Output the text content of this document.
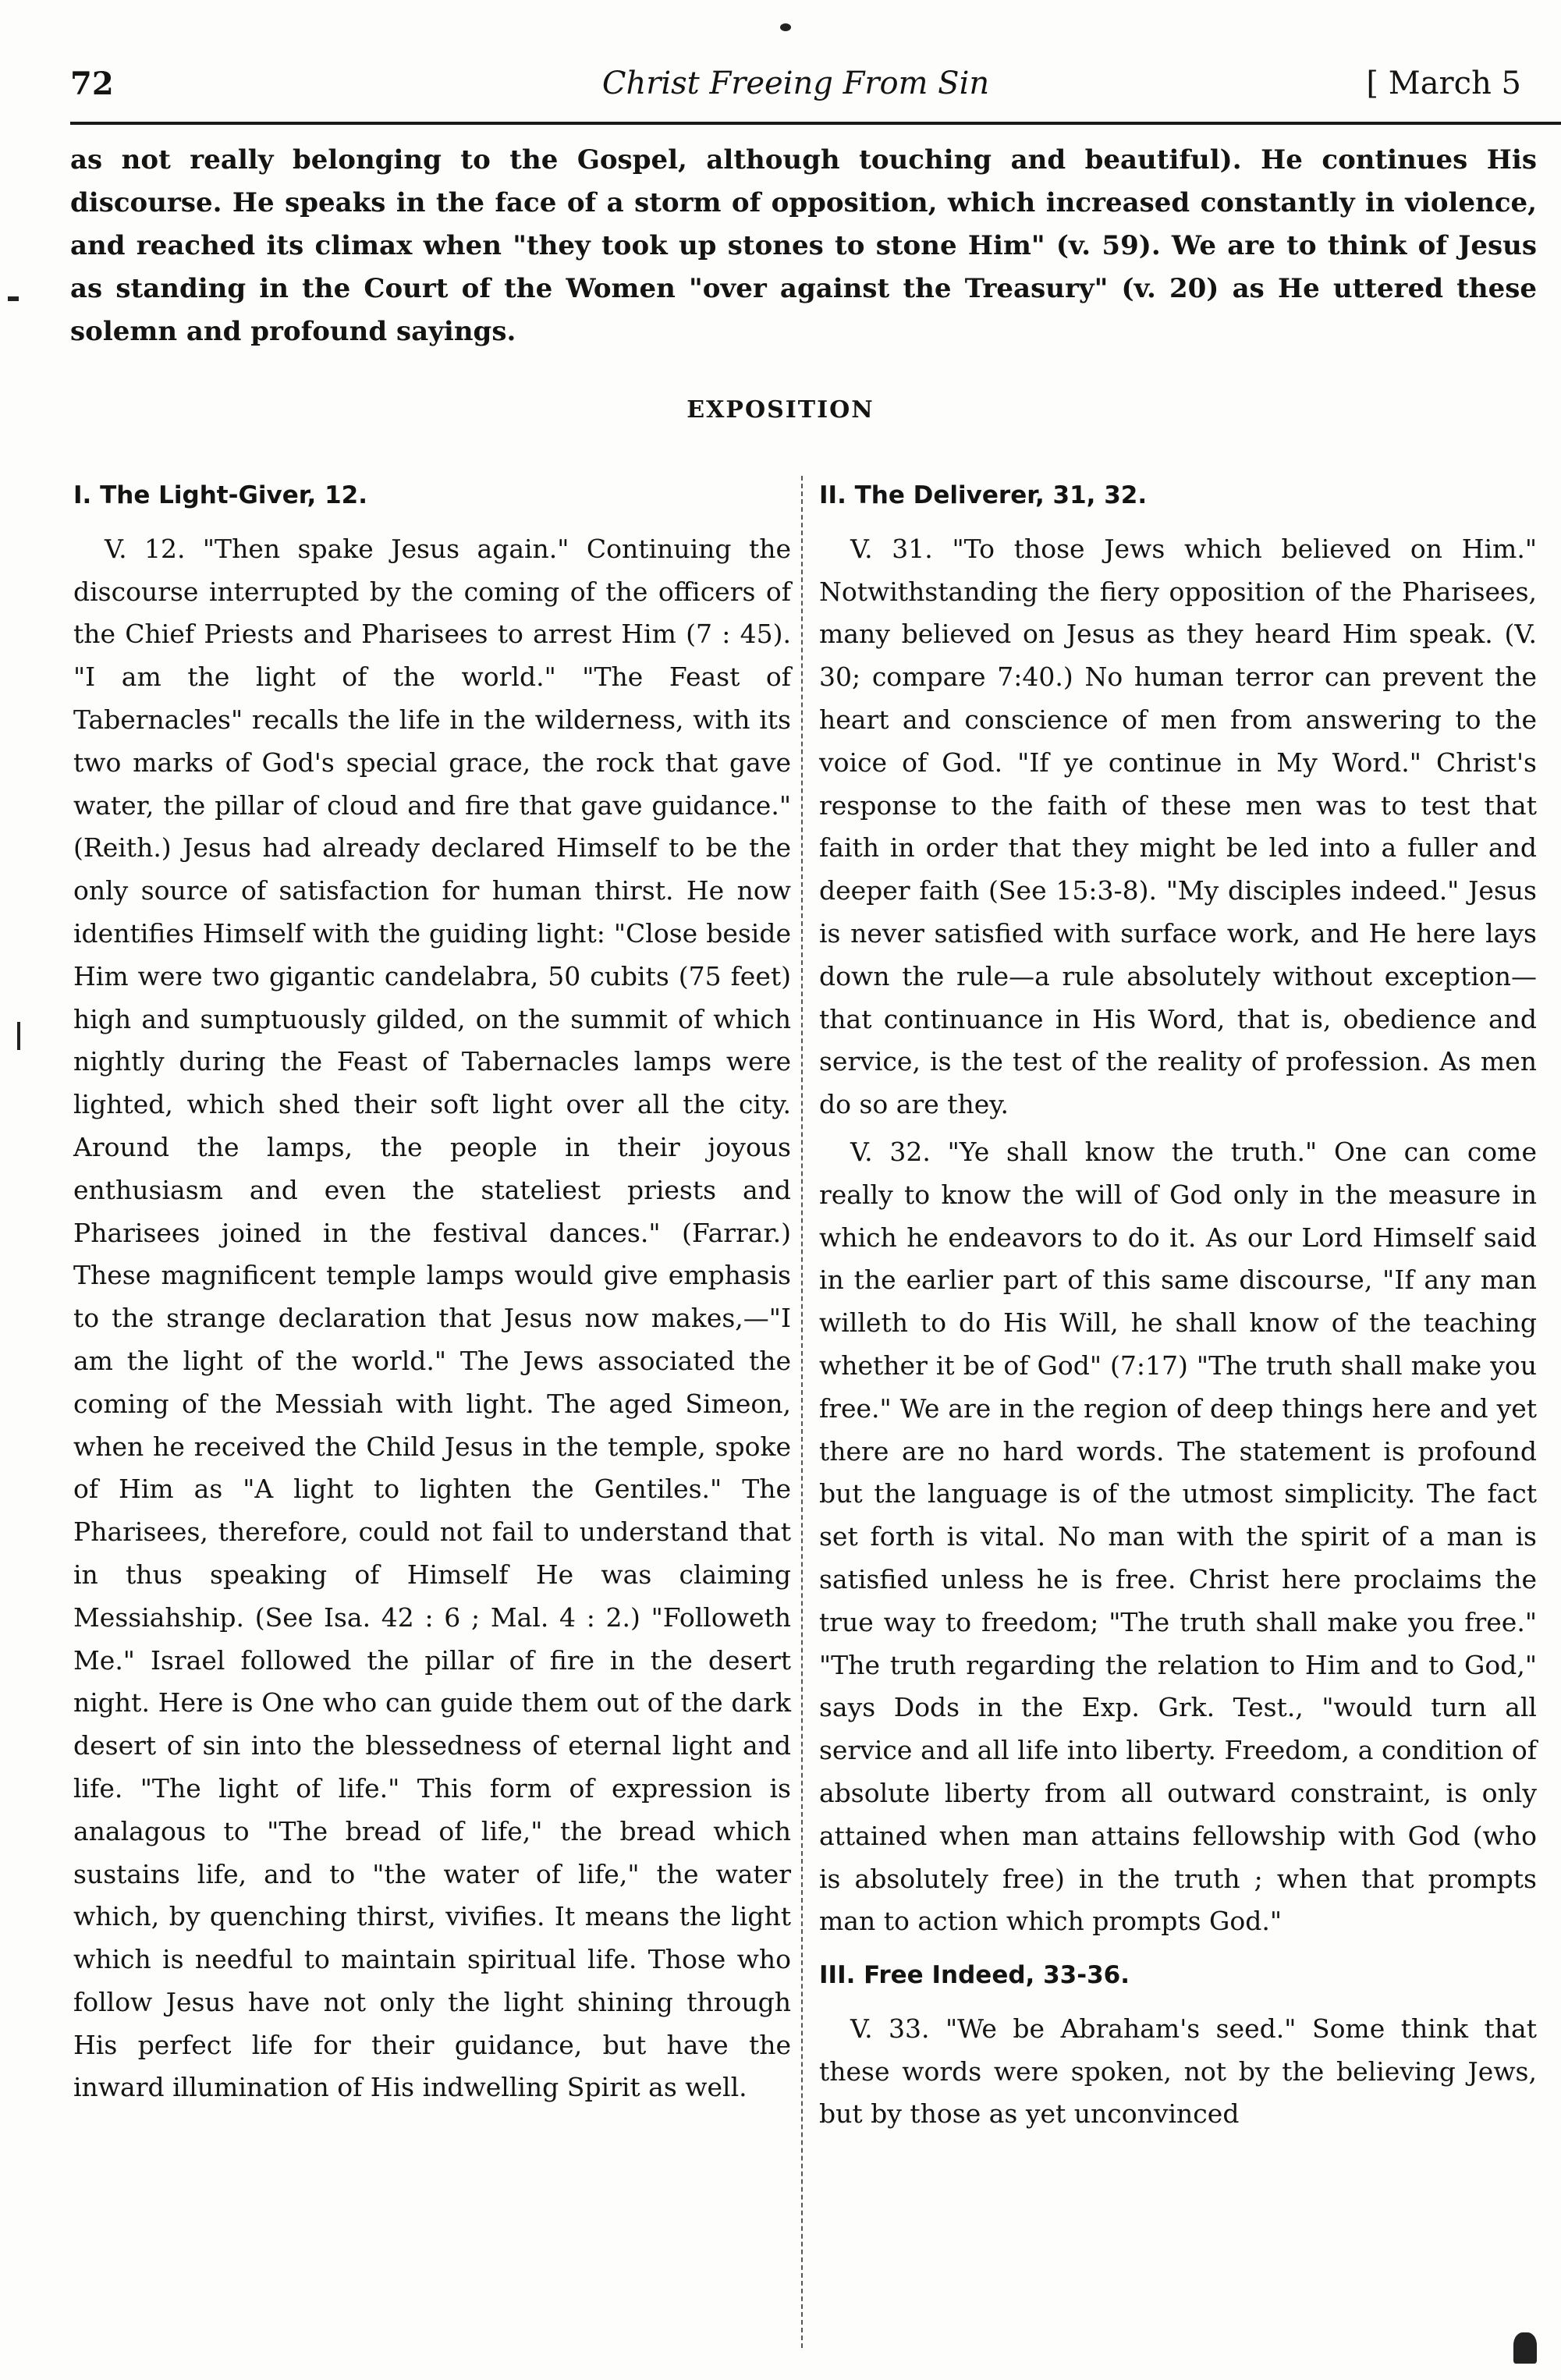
72	Christ Freeing From Sin	[ March 5
as not really belonging to the Gospel, although touching and beautiful). He continues His discourse. He speaks in the face of a storm of opposition, which increased constantly in violence, and reached its climax when "they took up stones to stone Him" (v. 59). We are to think of Jesus as standing in the Court of the Women "over against the Treasury" (v. 20) as He uttered these solemn and profound sayings.
EXPOSITION
I. The Light-Giver, 12.

V. 12. "Then spake Jesus again." Continuing the discourse interrupted by the coming of the officers of the Chief Priests and Pharisees to arrest Him (7 : 45). "I am the light of the world." "The Feast of Tabernacles" recalls the life in the wilderness, with its two marks of God's special grace, the rock that gave water, the pillar of cloud and fire that gave guidance." (Reith.) Jesus had already declared Himself to be the only source of satisfaction for human thirst. He now identifies Himself with the guiding light: "Close beside Him were two gigantic candelabra, 50 cubits (75 feet) high and sumptuously gilded, on the summit of which nightly during the Feast of Tabernacles lamps were lighted, which shed their soft light over all the city. Around the lamps, the people in their joyous enthusiasm and even the stateliest priests and Pharisees joined in the festival dances." (Farrar.) These magnificent temple lamps would give emphasis to the strange declaration that Jesus now makes,—"I am the light of the world." The Jews associated the coming of the Messiah with light. The aged Simeon, when he received the Child Jesus in the temple, spoke of Him as "A light to lighten the Gentiles." The Pharisees, therefore, could not fail to understand that in thus speaking of Himself He was claiming Messiahship. (See Isa. 42 : 6 ; Mal. 4 : 2.) "Followeth Me." Israel followed the pillar of fire in the desert night. Here is One who can guide them out of the dark desert of sin into the blessedness of eternal light and life. "The light of life." This form of expression is analagous to "The bread of life," the bread which sustains life, and to "the water of life," the water which, by quenching thirst, vivifies. It means the light which is needful to maintain spiritual life. Those who follow Jesus have not only the light shining through His perfect life for their guidance, but have the inward illumination of His indwelling Spirit as well.

II. The Deliverer, 31, 32.

V. 31. "To those Jews which believed on Him." Notwithstanding the fiery opposition of the Pharisees, many believed on Jesus as they heard Him speak. (V. 30; compare 7:40.) No human terror can prevent the heart and conscience of men from answering to the voice of God. "If ye continue in My Word." Christ's response to the faith of these men was to test that faith in order that they might be led into a fuller and deeper faith (See 15:3-8). "My disciples indeed." Jesus is never satisfied with surface work, and He here lays down the rule—a rule absolutely without exception—that continuance in His Word, that is, obedience and service, is the test of the reality of profession. As men do so are they.

V. 32. "Ye shall know the truth." One can come really to know the will of God only in the measure in which he endeavors to do it. As our Lord Himself said in the earlier part of this same discourse, "If any man willeth to do His Will, he shall know of the teaching whether it be of God" (7:17) "The truth shall make you free." We are in the region of deep things here and yet there are no hard words. The statement is profound but the language is of the utmost simplicity. The fact set forth is vital. No man with the spirit of a man is satisfied unless he is free. Christ here proclaims the true way to freedom; "The truth shall make you free." "The truth regarding the relation to Him and to God," says Dods in the Exp. Grk. Test., "would turn all service and all life into liberty. Freedom, a condition of absolute liberty from all outward constraint, is only attained when man attains fellowship with God (who is absolutely free) in the truth ; when that prompts man to action which prompts God."

III. Free Indeed, 33-36.

V. 33. "We be Abraham's seed." Some think that these words were spoken, not by the believing Jews, but by those as yet unconvinced
